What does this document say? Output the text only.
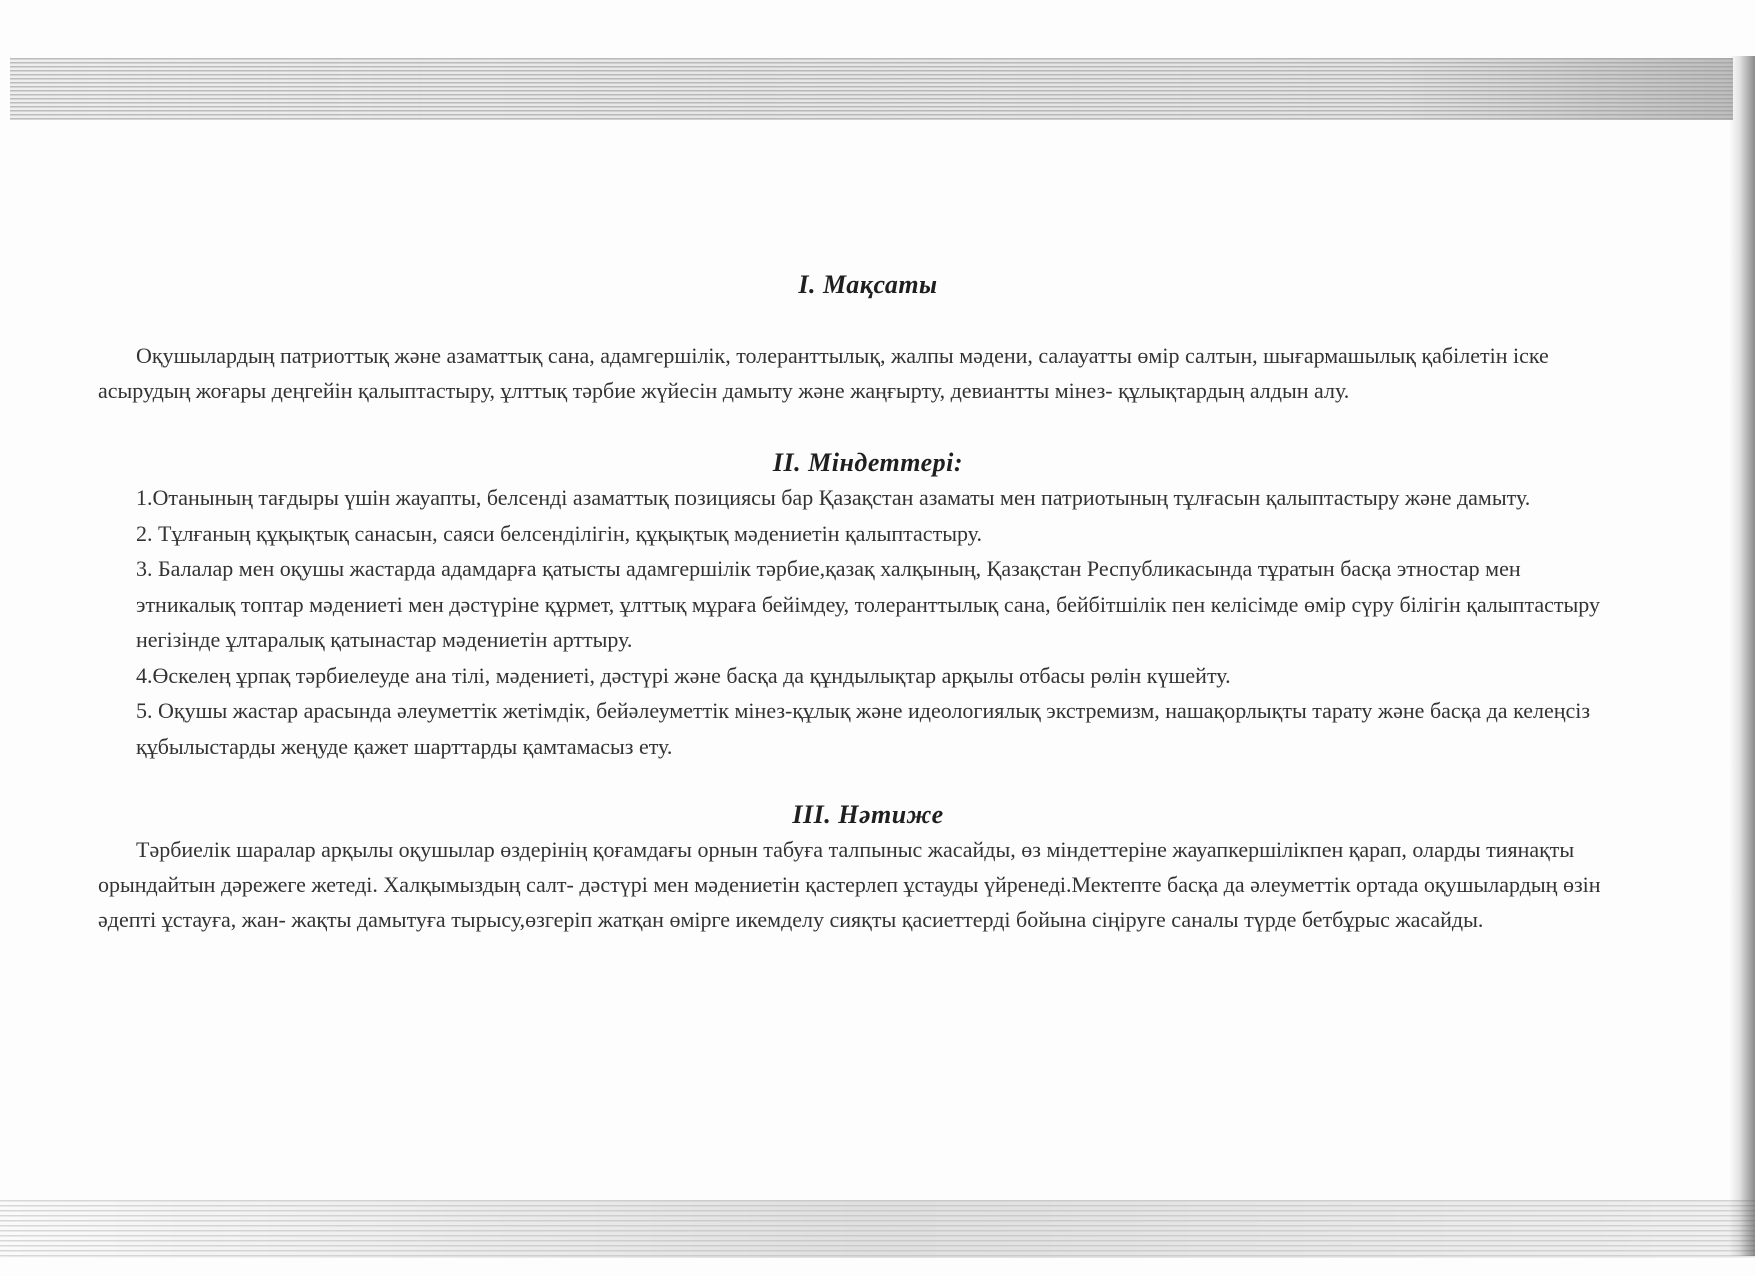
I. Мақсаты

Оқушылардың патриоттық және азаматтық сана, адамгершілік, толеранттылық, жалпы мәдени, салауатты өмір салтын, шығармашылық қабілетін іске асырудың жоғары деңгейін қалыптастыру, ұлттық тәрбие жүйесін дамыту және жаңғырту, девиантты мінез- құлықтардың алдын алу.

II. Міндеттері:
1.Отанының тағдыры үшін жауапты, белсенді азаматтық позициясы бар Қазақстан азаматы мен патриотының тұлғасын қалыптастыру және дамыту.
2. Тұлғаның құқықтық санасын, саяси белсенділігін, құқықтық мәдениетін қалыптастыру.
3. Балалар мен оқушы жастарда адамдарға қатысты адамгершілік тәрбие,қазақ халқының, Қазақстан Республикасында тұратын басқа этностар мен этникалық топтар мәдениеті мен дәстүріне құрмет, ұлттық мұраға бейімдеу, толеранттылық сана, бейбітшілік пен келісімде өмір сүру білігін қалыптастыру негізінде ұлтаралық қатынастар мәдениетін арттыру.
4.Өскелең ұрпақ тәрбиелеуде ана тілі, мәдениеті, дәстүрі және басқа да құндылықтар арқылы отбасы рөлін күшейту.
5. Оқушы жастар арасында әлеуметтік жетімдік, бейәлеуметтік мінез-құлық және идеологиялық экстремизм, нашақорлықты тарату және басқа да келеңсіз құбылыстарды жеңуде қажет шарттарды қамтамасыз ету.
III. Нәтиже

Тәрбиелік шаралар арқылы оқушылар өздерінің қоғамдағы орнын табуға талпыныс жасайды, өз міндеттеріне жауапкершілікпен қарап, оларды тиянақты орындайтын дәрежеге жетеді. Халқымыздың салт- дәстүрі мен мәдениетін қастерлеп ұстауды үйренеді.Мектепте басқа да әлеуметтік ортада оқушылардың өзін әдепті ұстауға, жан- жақты дамытуға тырысу,өзгеріп жатқан өмірге икемделу сияқты қасиеттерді бойына сіңіруге саналы түрде бетбұрыс жасайды.
